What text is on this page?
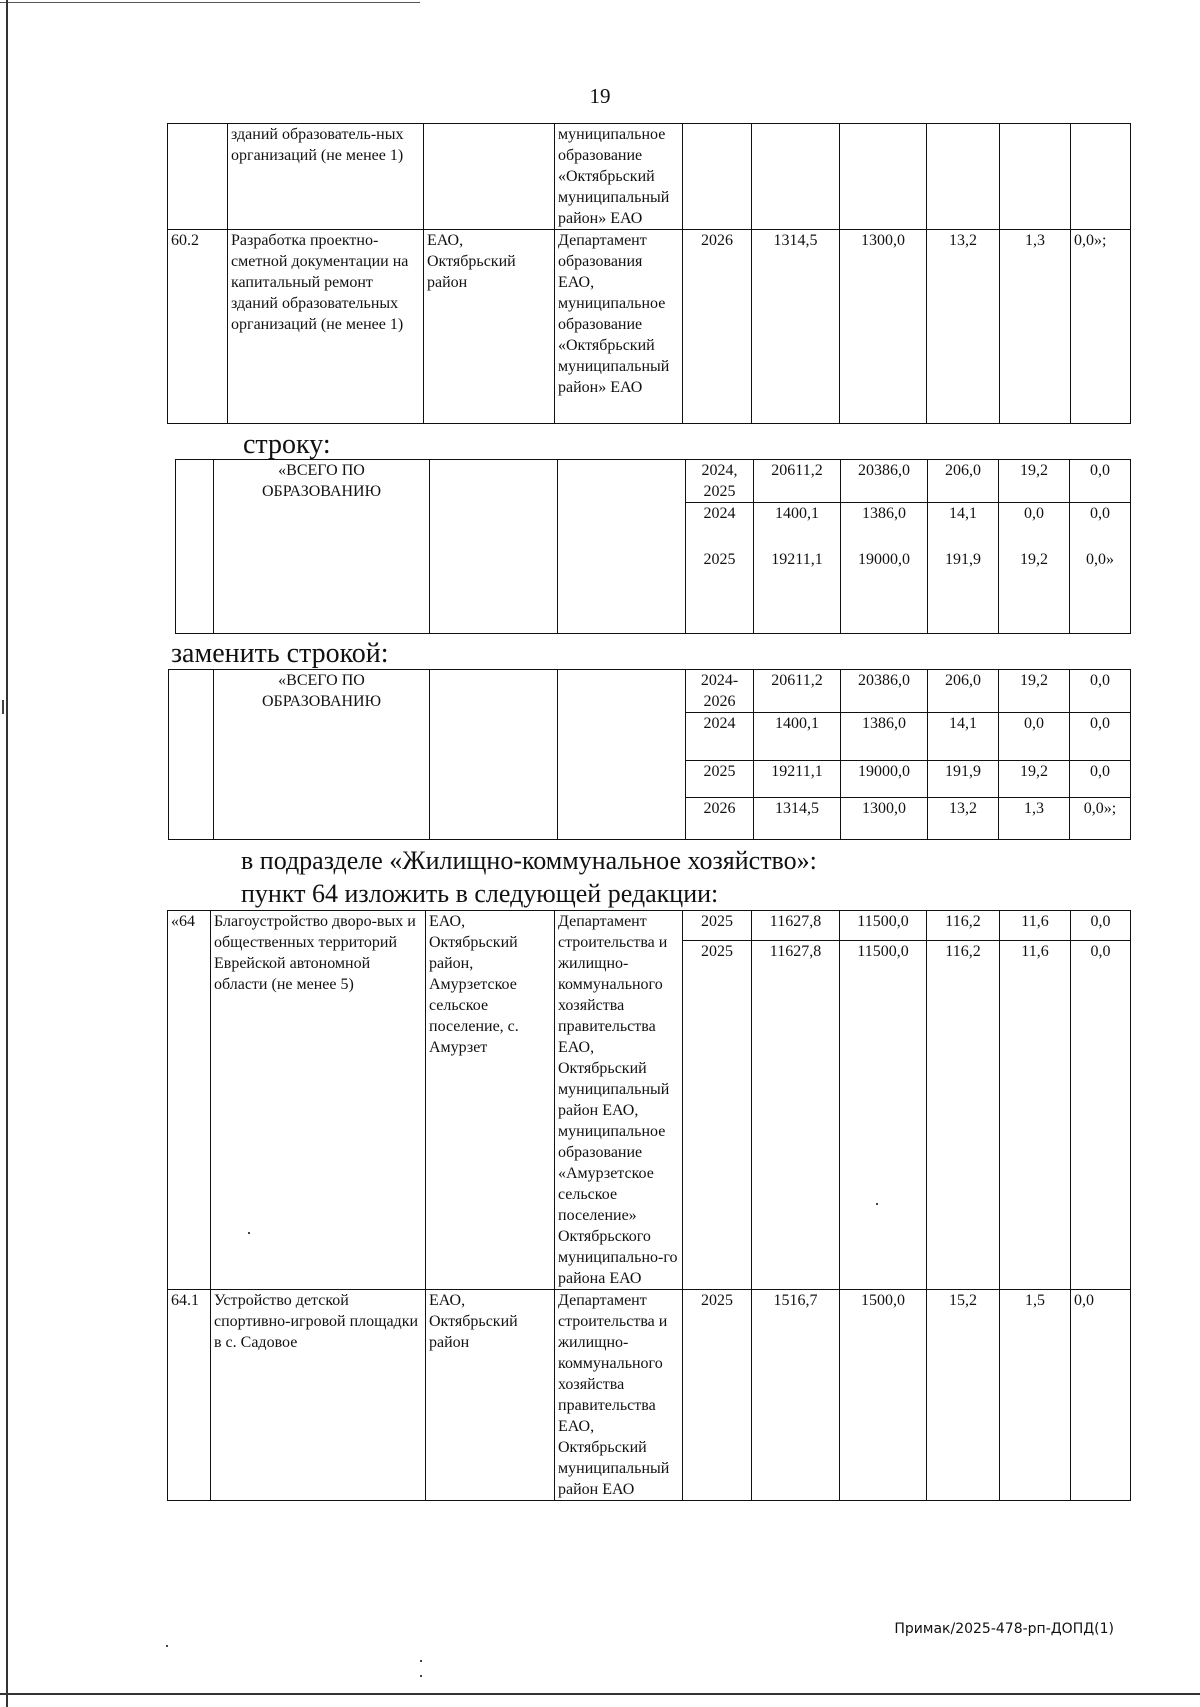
19
	зданий образователь-ных организаций (не менее 1)		муниципальное образование «Октябрьский муниципальный район» ЕАО						
60.2	Разработка проектно-сметной документации на капитальный ремонт зданий образовательных организаций (не менее 1)	ЕАО, Октябрьский район	Департамент образования ЕАО, муниципальное образование «Октябрьский муниципальный район» ЕАО	2026	1314,5	1300,0	13,2	1,3	0,0»;
строку:
	«ВСЕГО ПО ОБРАЗОВАНИЮ			2024, 2025	20611,2	20386,0	206,0	19,2	0,0
				2024	1400,1	1386,0	14,1	0,0	0,0
				2025	19211,1	19000,0	191,9	19,2	0,0»
заменить строкой:
	«ВСЕГО ПО ОБРАЗОВАНИЮ			2024-2026	20611,2	20386,0	206,0	19,2	0,0
				2024	1400,1	1386,0	14,1	0,0	0,0
				2025	19211,1	19000,0	191,9	19,2	0,0
				2026	1314,5	1300,0	13,2	1,3	0,0»;
в подразделе «Жилищно-коммунальное хозяйство»:
пункт 64 изложить в следующей редакции:
«64	Благоустройство дворо-вых и общественных территорий Еврейской автономной области (не менее 5)	ЕАО, Октябрьский район, Амурзетское сельское поселение, с. Амурзет	Департамент строительства и жилищно-коммунального хозяйства правительства ЕАО, Октябрьский муниципальный район ЕАО, муниципальное образование «Амурзетское сельское поселение» Октябрьского муниципально-го района ЕАО	2025	11627,8	11500,0	116,2	11,6	0,0
				2025	11627,8	11500,0	116,2	11,6	0,0
64.1	Устройство детской спортивно-игровой площадки в с. Садовое	ЕАО, Октябрьский район	Департамент строительства и жилищно-коммунального хозяйства правительства ЕАО, Октябрьский муниципальный район ЕАО	2025	1516,7	1500,0	15,2	1,5	0,0
Примак/2025-478-рп-ДОПД(1)
